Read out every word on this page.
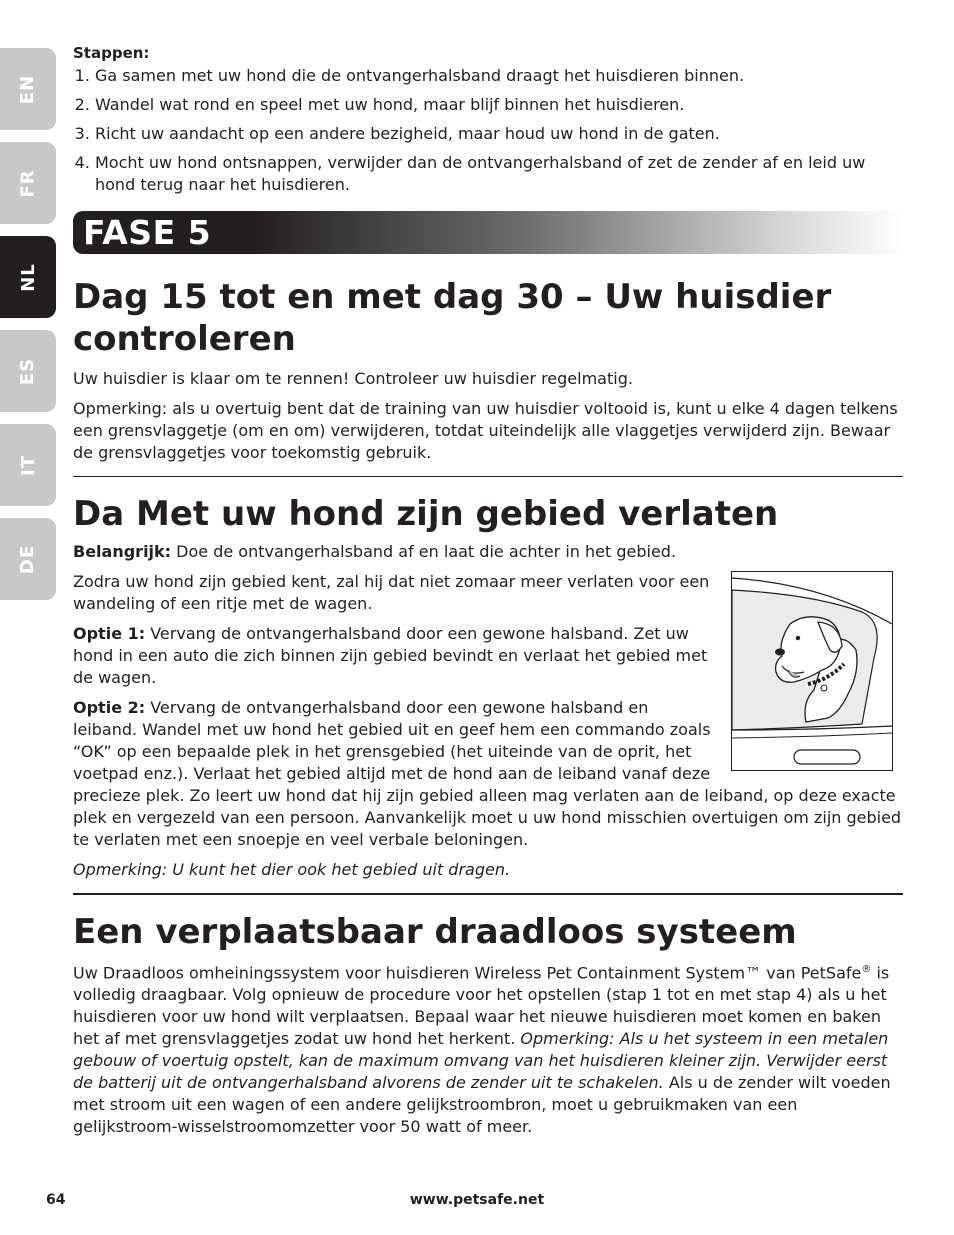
EN
FR
NL
ES
IT
DE
Stappen:
1. Ga samen met uw hond die de ontvangerhalsband draagt het huisdieren binnen.
2. Wandel wat rond en speel met uw hond, maar blijf binnen het huisdieren.
3. Richt uw aandacht op een andere bezigheid, maar houd uw hond in de gaten.
4. Mocht uw hond ontsnappen, verwijder dan de ontvangerhalsband of zet de zender af en leid uw hond terug naar het huisdieren.
FASE 5
Dag 15 tot en met dag 30 – Uw huisdier controleren

Uw huisdier is klaar om te rennen! Controleer uw huisdier regelmatig.

Opmerking: als u overtuig bent dat de training van uw huisdier voltooid is, kunt u elke 4 dagen telkens een grensvlaggetje (om en om) verwijderen, totdat uiteindelijk alle vlaggetjes verwijderd zijn. Bewaar de grensvlaggetjes voor toekomstig gebruik.

Da Met uw hond zijn gebied verlaten

Belangrijk: Doe de ontvangerhalsband af en laat die achter in het gebied.

Zodra uw hond zijn gebied kent, zal hij dat niet zomaar meer verlaten voor een wandeling of een ritje met de wagen.

Optie 1: Vervang de ontvangerhalsband door een gewone halsband. Zet uw hond in een auto die zich binnen zijn gebied bevindt en verlaat het gebied met de wagen.

Optie 2: Vervang de ontvangerhalsband door een gewone halsband en leiband. Wandel met uw hond het gebied uit en geef hem een commando zoals “OK” op een bepaalde plek in het grensgebied (het uiteinde van de oprit, het voetpad enz.). Verlaat het gebied altijd met de hond aan de leiband vanaf deze precieze plek. Zo leert uw hond dat hij zijn gebied alleen mag verlaten aan de leiband, op deze exacte plek en vergezeld van een persoon. Aanvankelijk moet u uw hond misschien overtuigen om zijn gebied te verlaten met een snoepje en veel verbale beloningen.

Opmerking: U kunt het dier ook het gebied uit dragen.

Een verplaatsbaar draadloos systeem

Uw Draadloos omheiningssystem voor huisdieren Wireless Pet Containment System™ van PetSafe® is volledig draagbaar. Volg opnieuw de procedure voor het opstellen (stap 1 tot en met stap 4) als u het huisdieren voor uw hond wilt verplaatsen. Bepaal waar het nieuwe huisdieren moet komen en baken het af met grensvlaggetjes zodat uw hond het herkent. Opmerking: Als u het systeem in een metalen gebouw of voertuig opstelt, kan de maximum omvang van het huisdieren kleiner zijn. Verwijder eerst de batterij uit de ontvangerhalsband alvorens de zender uit te schakelen. Als u de zender wilt voeden met stroom uit een wagen of een andere gelijkstroombron, moet u gebruikmaken van een gelijkstroom-wisselstroomomzetter voor 50 watt of meer.

64	www.petsafe.net
